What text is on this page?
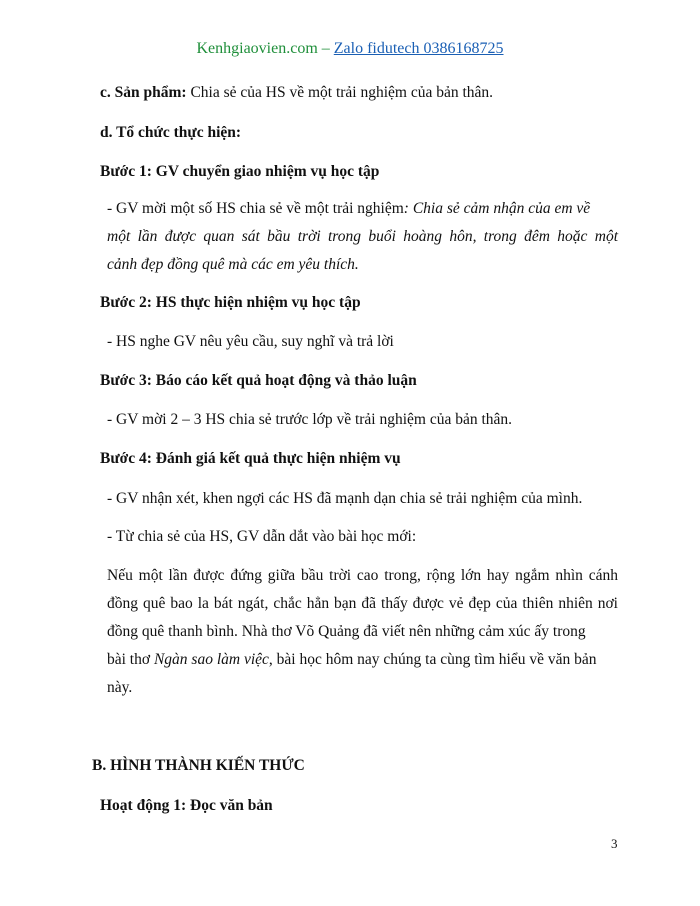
Kenhgiaovien.com – Zalo fidutech 0386168725
c. Sản phẩm: Chia sẻ của HS về một trải nghiệm của bản thân.
d. Tổ chức thực hiện:
Bước 1: GV chuyển giao nhiệm vụ học tập
- GV mời một số HS chia sẻ về một trải nghiệm: Chia sẻ cảm nhận của em về
một lần được quan sát bầu trời trong buổi hoàng hôn, trong đêm hoặc một
cảnh đẹp đồng quê mà các em yêu thích.
Bước 2: HS thực hiện nhiệm vụ học tập
- HS nghe GV nêu yêu cầu, suy nghĩ và trả lời
Bước 3: Báo cáo kết quả hoạt động và thảo luận
- GV mời 2 – 3 HS chia sẻ trước lớp về trải nghiệm của bản thân.
Bước 4: Đánh giá kết quả thực hiện nhiệm vụ
- GV nhận xét, khen ngợi các HS đã mạnh dạn chia sẻ trải nghiệm của mình.
- Từ chia sẻ của HS, GV dẫn dắt vào bài học mới:
Nếu một lần được đứng giữa bầu trời cao trong, rộng lớn hay ngắm nhìn cánh
đồng quê bao la bát ngát, chắc hẳn bạn đã thấy được vẻ đẹp của thiên nhiên nơi
đồng quê thanh bình. Nhà thơ Võ Quảng đã viết nên những cảm xúc ấy trong
bài thơ Ngàn sao làm việc, bài học hôm nay chúng ta cùng tìm hiểu về văn bản
này.
B. HÌNH THÀNH KIẾN THỨC
Hoạt động 1: Đọc văn bản
3
